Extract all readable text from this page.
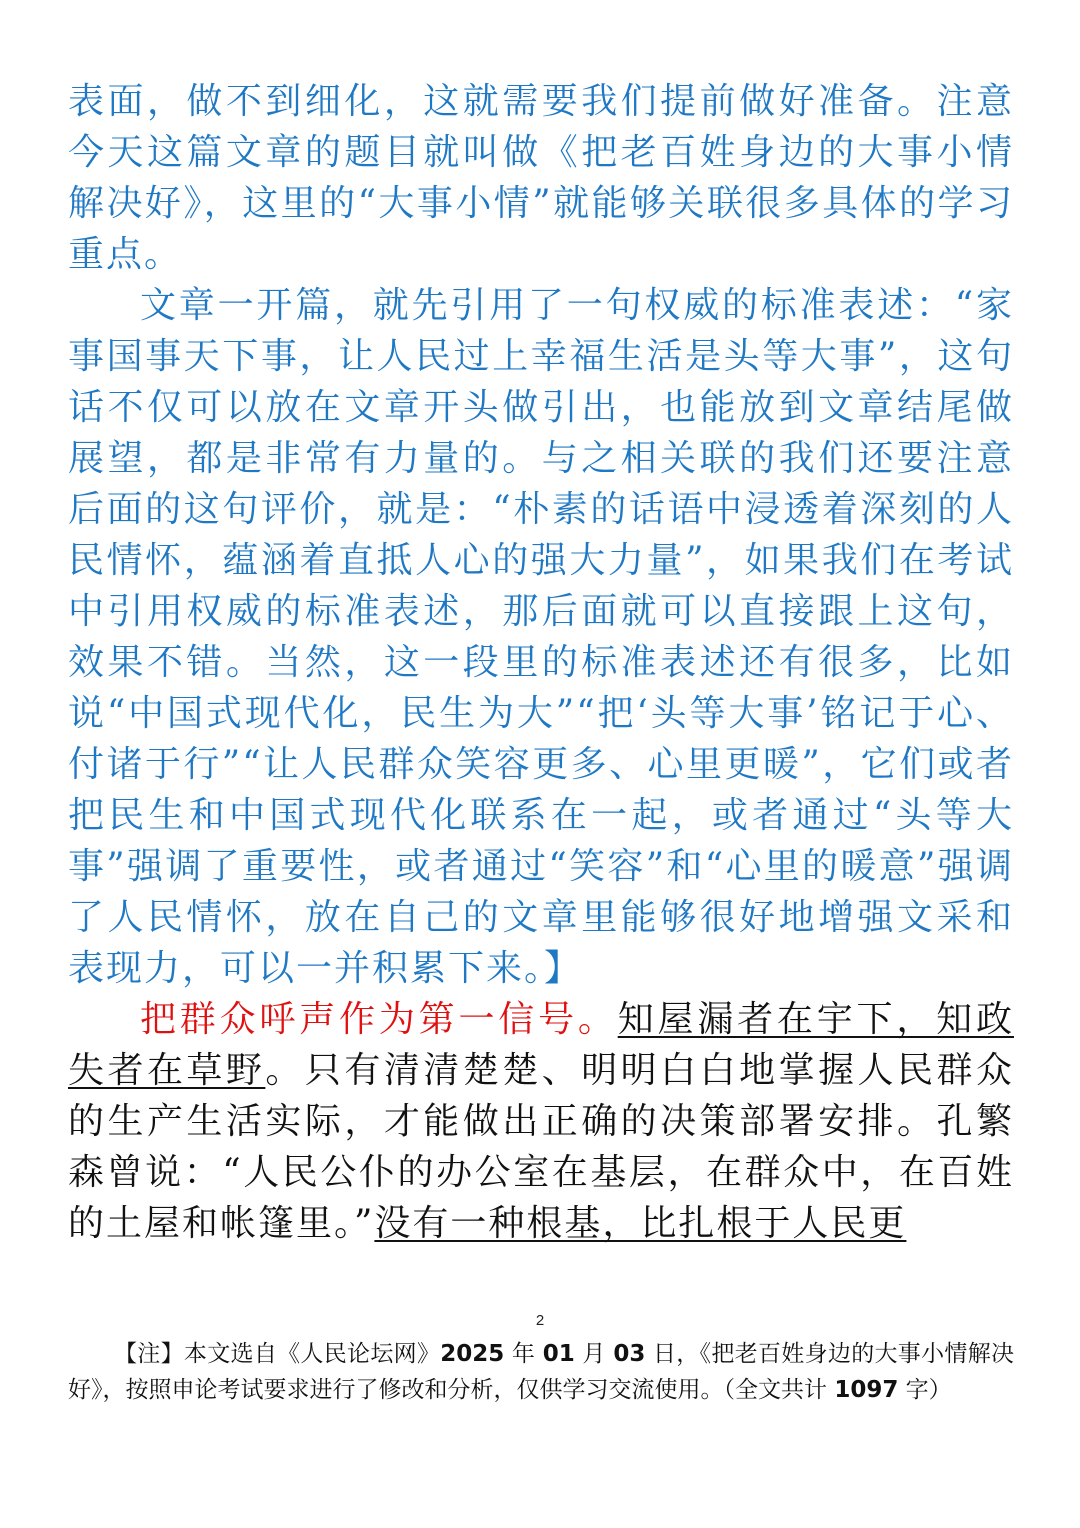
表面，做不到细化，这就需要我们提前做好准备。注意今天这篇文章的题目就叫做《把老百姓身边的大事小情解决好》，这里的“大事小情”就能够关联很多具体的学习重点。

文章一开篇，就先引用了一句权威的标准表述：“家事国事天下事，让人民过上幸福生活是头等大事”，这句话不仅可以放在文章开头做引出，也能放到文章结尾做展望，都是非常有力量的。与之相关联的我们还要注意后面的这句评价，就是：“朴素的话语中浸透着深刻的人民情怀，蕴涵着直抵人心的强大力量”，如果我们在考试中引用权威的标准表述，那后面就可以直接跟上这句，效果不错。当然，这一段里的标准表述还有很多，比如说“中国式现代化，民生为大”“把‘头等大事’铭记于心、付诸于行”“让人民群众笑容更多、心里更暖”，它们或者把民生和中国式现代化联系在一起，或者通过“头等大事”强调了重要性，或者通过“笑容”和“心里的暖意”强调了人民情怀，放在自己的文章里能够很好地增强文采和表现力，可以一并积累下来。】

把群众呼声作为第一信号。知屋漏者在宇下，知政失者在草野。只有清清楚楚、明明白白地掌握人民群众的生产生活实际，才能做出正确的决策部署安排。孔繁森曾说：“人民公仆的办公室在基层，在群众中，在百姓的土屋和帐篷里。”没有一种根基，比扎根于人民更

2

【注】本文选自《人民论坛网》2025 年 01 月 03 日，《把老百姓身边的大事小情解决好》，按照申论考试要求进行了修改和分析，仅供学习交流使用。（全文共计 1097 字）
